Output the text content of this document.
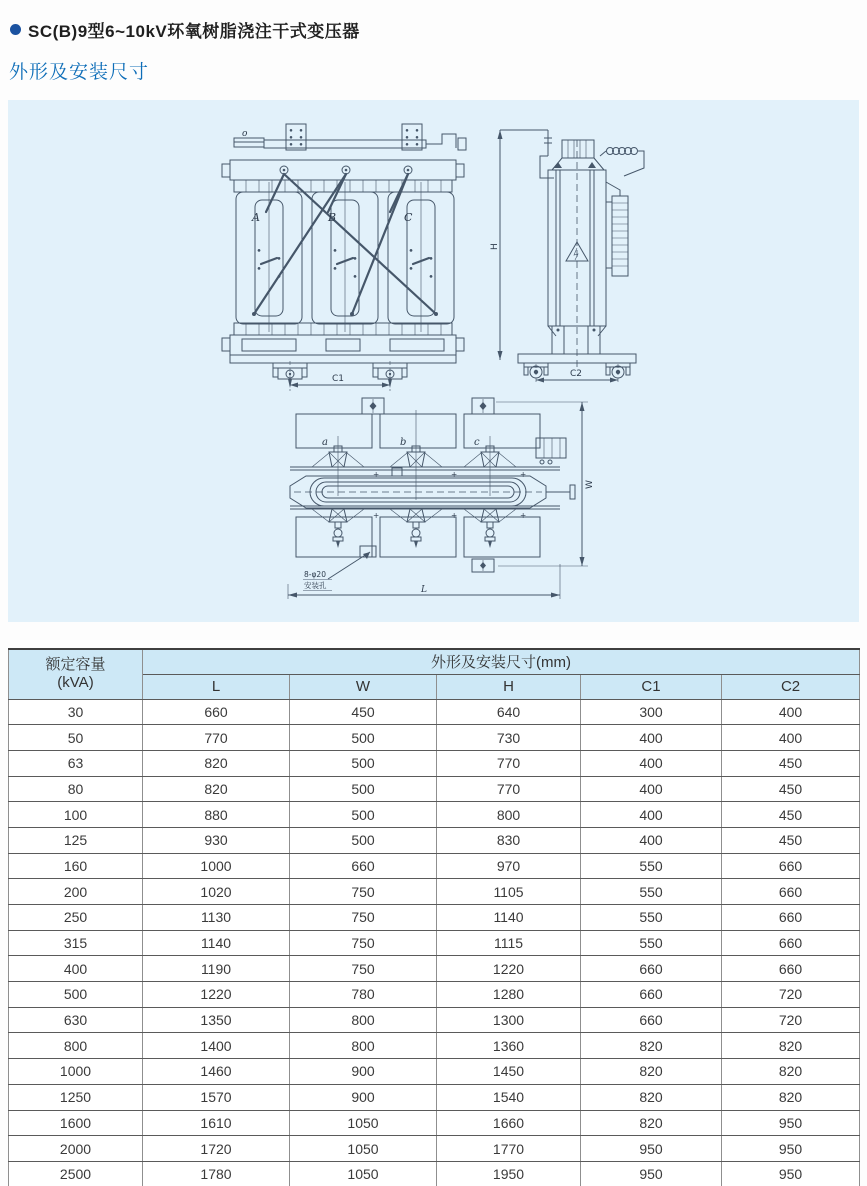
SC(B)9型6~10kV环氧树脂浇注干式变压器
外形及安装尺寸
o
A	B	C
C1
H
C2
a	b	c
+	+	+
+	+	+
8-φ20
安装孔	L
W
额定容量
(kVA)	外形及安装尺寸(mm)				
	L	W	H	C1	C2
30	660	450	640	300	400
50	770	500	730	400	400
63	820	500	770	400	450
80	820	500	770	400	450
100	880	500	800	400	450
125	930	500	830	400	450
160	1000	660	970	550	660
200	1020	750	1105	550	660
250	1130	750	1140	550	660
315	1140	750	1115	550	660
400	1190	750	1220	660	660
500	1220	780	1280	660	720
630	1350	800	1300	660	720
800	1400	800	1360	820	820
1000	1460	900	1450	820	820
1250	1570	900	1540	820	820
1600	1610	1050	1660	820	950
2000	1720	1050	1770	950	950
2500	1780	1050	1950	950	950
